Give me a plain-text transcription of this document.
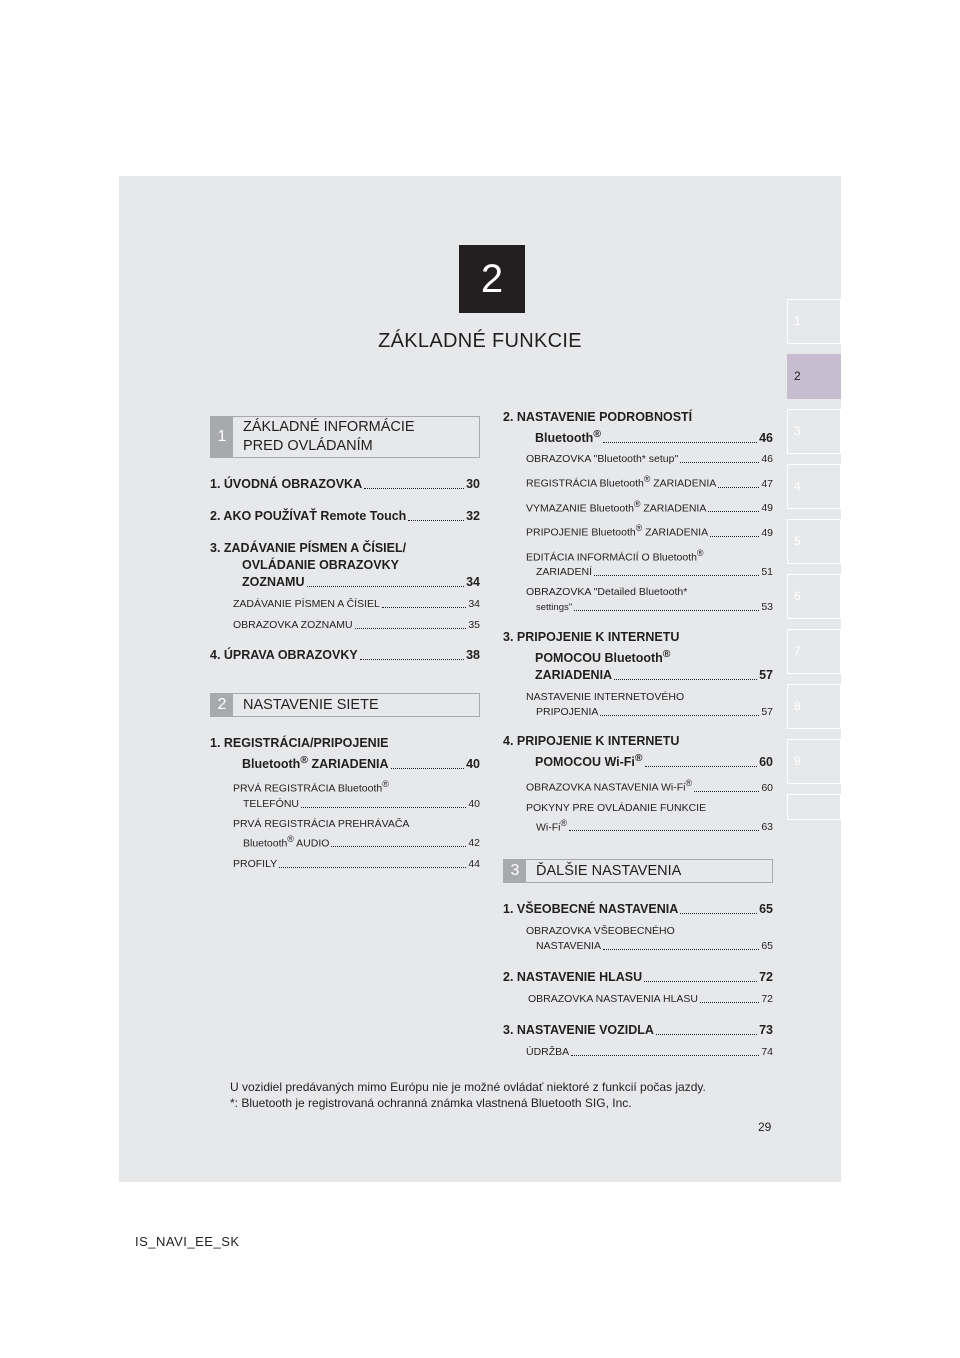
2
ZÁKLADNÉ FUNKCIE
1
2
3
4
5
6
7
8
9
1
ZÁKLADNÉ INFORMÁCIE
PRED OVLÁDANÍM
1. ÚVODNÁ OBRAZOVKA	30
2. AKO POUŽÍVAŤ Remote Touch	32
3. ZADÁVANIE PÍSMEN A ČÍSIEL/
OVLÁDANIE OBRAZOVKY
ZOZNAMU	34
ZADÁVANIE PÍSMEN A ČÍSIEL	34
OBRAZOVKA ZOZNAMU	35
4. ÚPRAVA OBRAZOVKY	38
2	NASTAVENIE SIETE
1. REGISTRÁCIA/PRIPOJENIE
Bluetooth® ZARIADENIA	40
PRVÁ REGISTRÁCIA Bluetooth®
TELEFÓNU	40
PRVÁ REGISTRÁCIA PREHRÁVAČA
Bluetooth® AUDIO	42
PROFILY	44
2. NASTAVENIE PODROBNOSTÍ
Bluetooth®	46
OBRAZOVKA "Bluetooth* setup"	46
REGISTRÁCIA Bluetooth® ZARIADENIA	47
VYMAZANIE Bluetooth® ZARIADENIA	49
PRIPOJENIE Bluetooth® ZARIADENIA	49
EDITÁCIA INFORMÁCIÍ O Bluetooth®
ZARIADENÍ	51
OBRAZOVKA "Detailed Bluetooth*
settings"	53
3. PRIPOJENIE K INTERNETU
POMOCOU Bluetooth®
ZARIADENIA	57
NASTAVENIE INTERNETOVÉHO
PRIPOJENIA	57
4. PRIPOJENIE K INTERNETU
POMOCOU Wi-Fi®	60
OBRAZOVKA NASTAVENIA Wi-Fi®	60
POKYNY PRE OVLÁDANIE FUNKCIE
Wi-Fi®	63
3	ĎALŠIE NASTAVENIA
1. VŠEOBECNÉ NASTAVENIA	65
OBRAZOVKA VŠEOBECNÉHO
NASTAVENIA	65
2. NASTAVENIE HLASU	72
OBRAZOVKA NASTAVENIA HLASU	72
3. NASTAVENIE VOZIDLA	73
ÚDRŽBA	74
U vozidiel predávaných mimo Európu nie je možné ovládať niektoré z funkcií počas jazdy.
*: Bluetooth je registrovaná ochranná známka vlastnená Bluetooth SIG, Inc.
29
IS_NAVI_EE_SK
